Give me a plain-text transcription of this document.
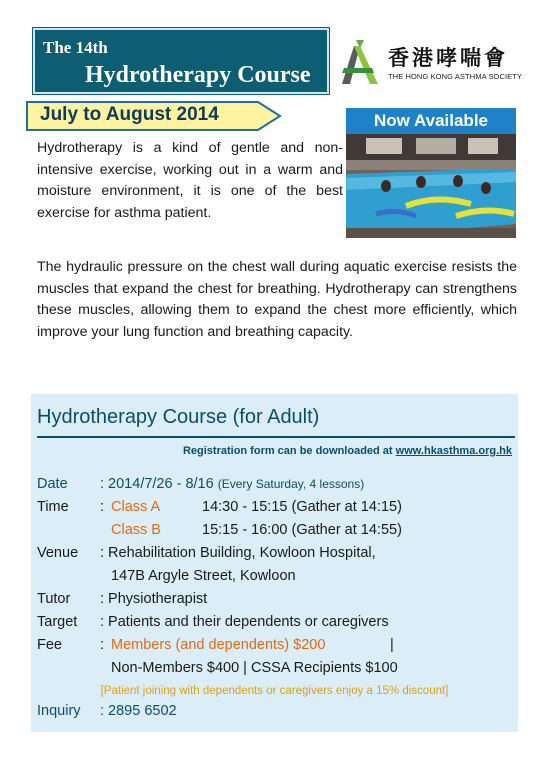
The 14th
Hydrotherapy Course
香港哮喘會
THE HONG KONG ASTHMA SOCIETY
July to August 2014	Now Available
Hydrotherapy is a kind of gentle and non-intensive exercise, working out in a warm and moisture environment, it is one of the best exercise for asthma patient.
The hydraulic pressure on the chest wall during aquatic exercise resists the muscles that expand the chest for breathing. Hydrotherapy can strengthens these muscles, allowing them to expand the chest more efficiently, which improve your lung function and breathing capacity.
Hydrotherapy Course (for Adult)
Registration form can be downloaded at www.hkasthma.org.hk
Date : 2014/7/26 - 8/16 (Every Saturday, 4 lessons)
Time : Class A	14:30 - 15:15 (Gather at 14:15)
Class B	15:15 - 16:00 (Gather at 14:55)
Venue : Rehabilitation Building, Kowloon Hospital,
147B Argyle Street, Kowloon
Tutor : Physiotherapist
Target : Patients and their dependents or caregivers
Fee	: Members (and dependents) $200	|
Non-Members $400 | CSSA Recipients $100
[Patient joining with dependents or caregivers enjoy a 15% discount]
Inquiry : 2895 6502
